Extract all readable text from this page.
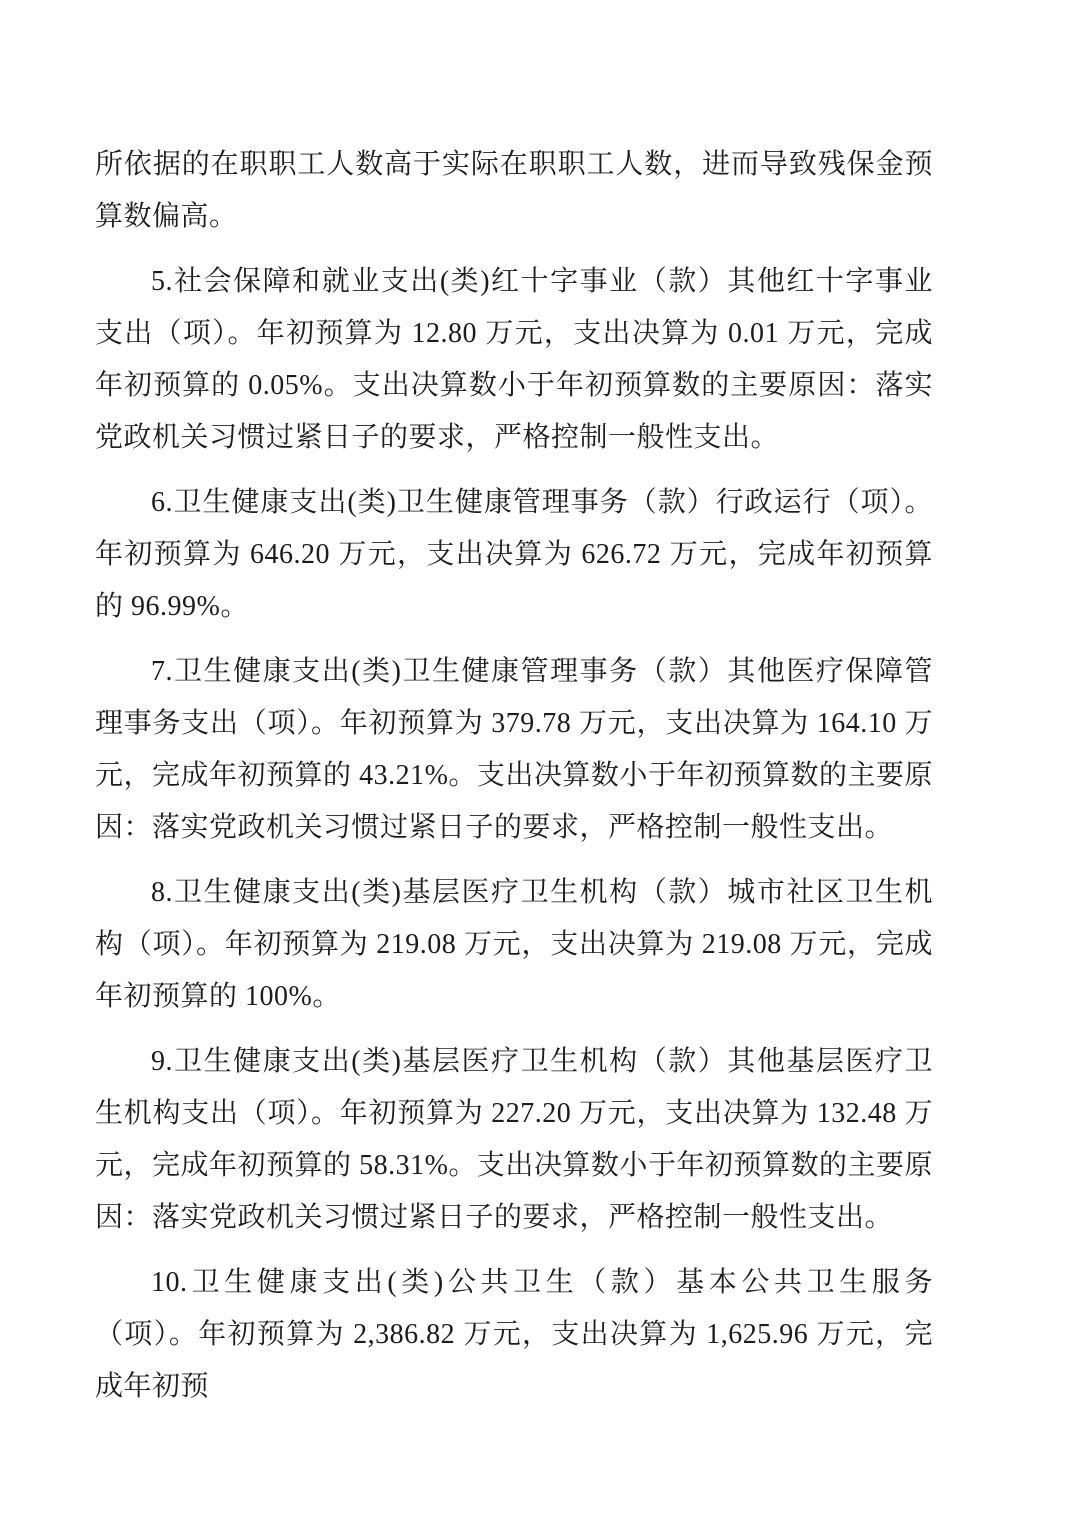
所依据的在职职工人数高于实际在职职工人数，进而导致残保金预算数偏高。

5.社会保障和就业支出(类)红十字事业（款）其他红十字事业支出（项）。年初预算为 12.80 万元，支出决算为 0.01 万元，完成年初预算的 0.05%。支出决算数小于年初预算数的主要原因：落实党政机关习惯过紧日子的要求，严格控制一般性支出。

6.卫生健康支出(类)卫生健康管理事务（款）行政运行（项）。年初预算为 646.20 万元，支出决算为 626.72 万元，完成年初预算的 96.99%。

7.卫生健康支出(类)卫生健康管理事务（款）其他医疗保障管理事务支出（项）。年初预算为 379.78 万元，支出决算为 164.10 万元，完成年初预算的 43.21%。支出决算数小于年初预算数的主要原因：落实党政机关习惯过紧日子的要求，严格控制一般性支出。

8.卫生健康支出(类)基层医疗卫生机构（款）城市社区卫生机构（项）。年初预算为 219.08 万元，支出决算为 219.08 万元，完成年初预算的 100%。

9.卫生健康支出(类)基层医疗卫生机构（款）其他基层医疗卫生机构支出（项）。年初预算为 227.20 万元，支出决算为 132.48 万元，完成年初预算的 58.31%。支出决算数小于年初预算数的主要原因：落实党政机关习惯过紧日子的要求，严格控制一般性支出。

10.卫生健康支出(类)公共卫生（款）基本公共卫生服务（项）。年初预算为 2,386.82 万元，支出决算为 1,625.96 万元，完成年初预
